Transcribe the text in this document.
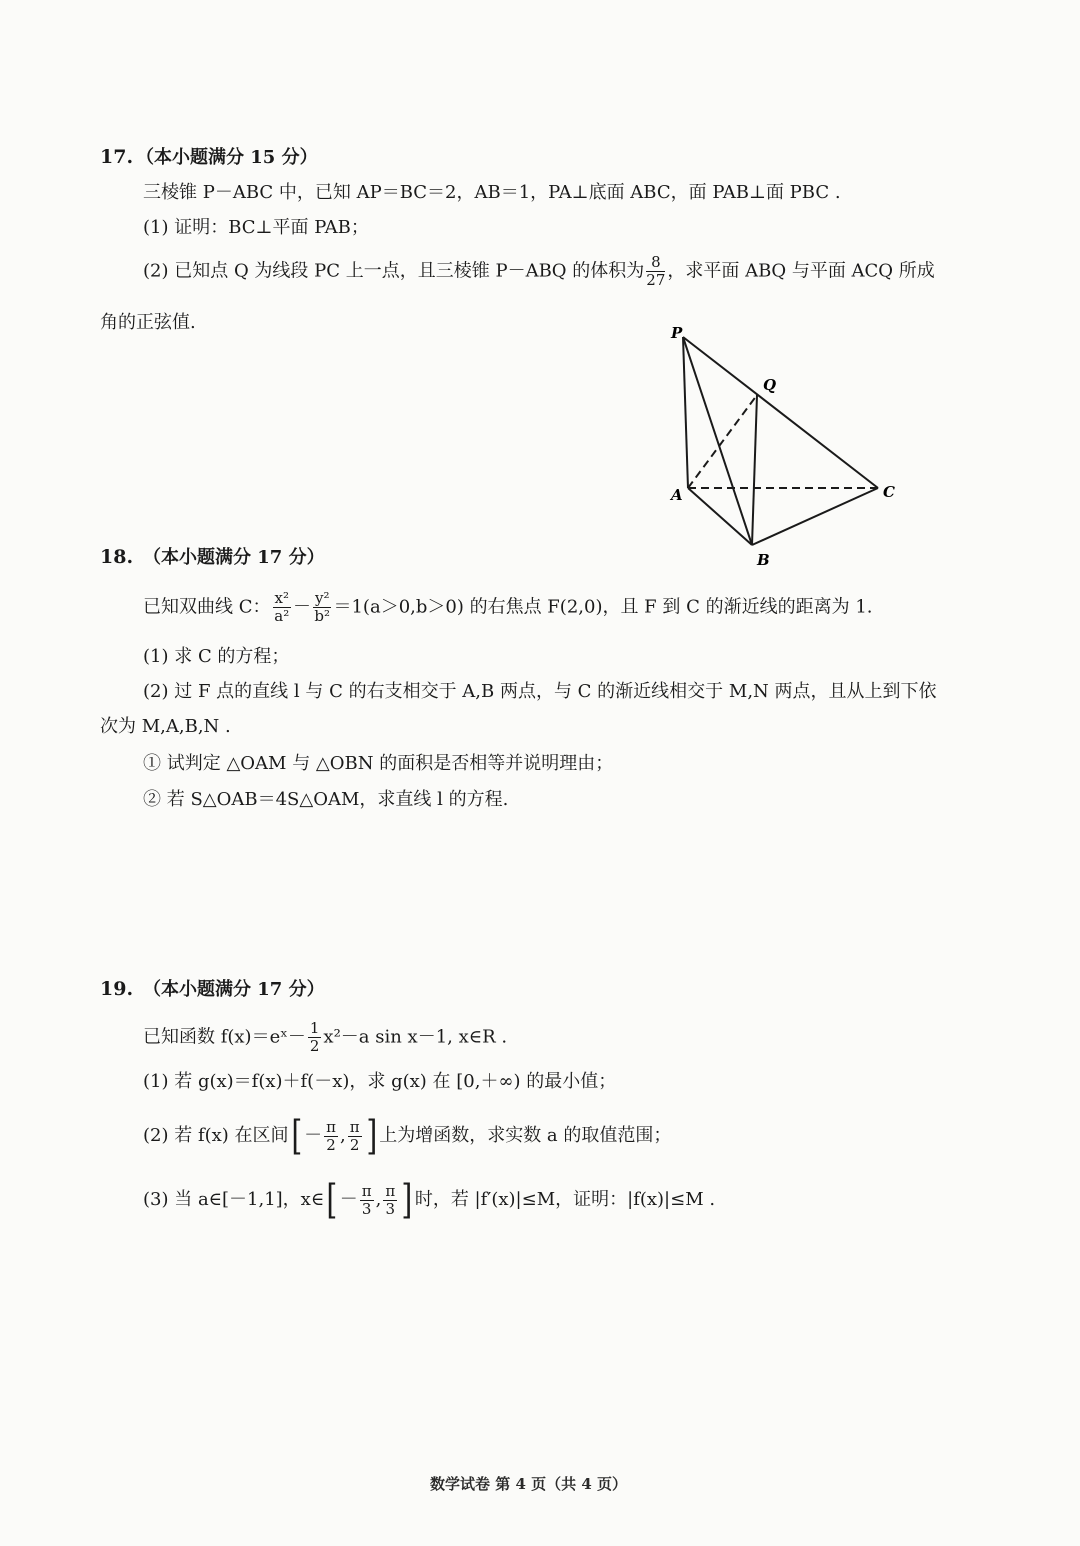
17. （本小题满分 15 分）
三棱锥 P－ABC 中，已知 AP＝BC＝2，AB＝1，PA⊥底面 ABC，面 PAB⊥面 PBC .
(1) 证明：BC⊥平面 PAB；
(2) 已知点 Q 为线段 PC 上一点，且三棱锥 P－ABQ 的体积为 $\frac{8}{27}$ ，求平面 ABQ 与平面 ACQ 所成
角的正弦值.	P
Q
A
B
C
18. （本小题满分 17 分）
已知双曲线 C： $\frac{\text{x²}}{\text{a²}} - \frac{\text{y²}}{\text{b²}} =1(a>0,b>0)$ 的右焦点 F(2,0)，且 F 到 C 的渐近线的距离为 1.
(1) 求 C 的方程；
(2) 过 F 点的直线 l 与 C 的右支相交于 A,B 两点，与 C 的渐近线相交于 M,N 两点，且从上到下依
次为 M,A,B,N .
① 试判定 △OAM 与 △OBN 的面积是否相等并说明理由；
② 若 S△OAB＝4S△OAM，求直线 l 的方程.
19. （本小题满分 17 分）
已知函数 f(x)＝eˣ－ $\frac{1}{2} x^2-a$ sin x－1, x∈R .
(1) 若 g(x)＝f(x)＋f(－x)，求 g(x) 在 [0,＋∞) 的最小值；
(2) 若 f(x) 在区间[ － $\frac{\pi}{2}$ , $\frac{\pi}{2}$ ] 上为增函数，求实数 a 的取值范围；
(3) 当 a∈[－1,1]，x∈[ － $\frac{\pi}{3}$ , $\frac{\pi}{3}$ ] 时，若 |f′(x)|≤M，证明：|f(x)|≤M .
数学试卷 第 4 页（共 4 页）
